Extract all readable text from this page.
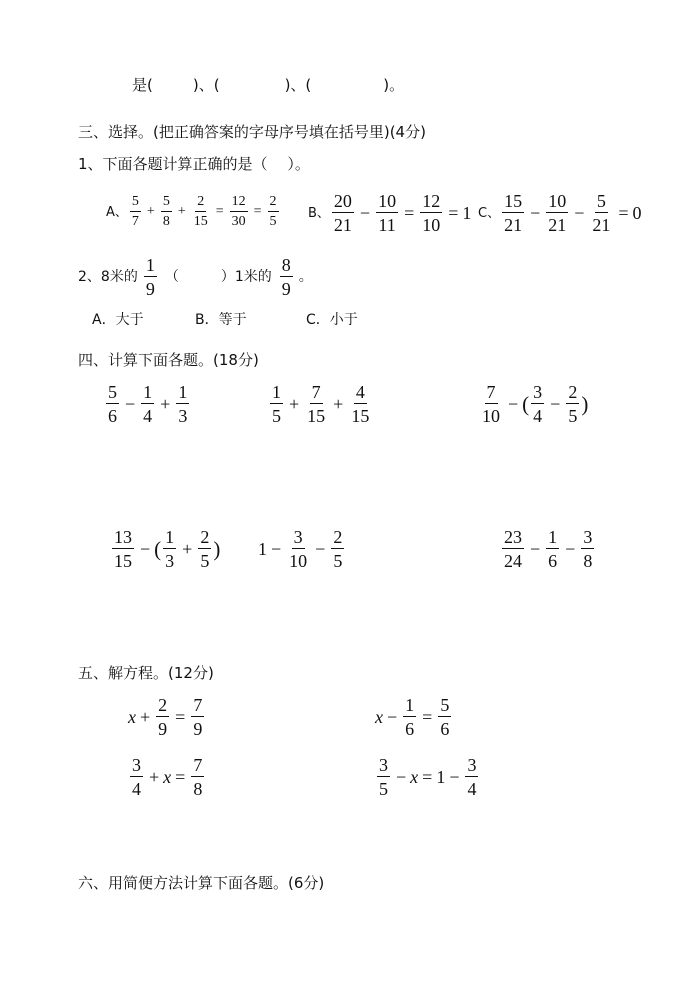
是(	)、(	)、(	)。
三、选择。(把正确答案的字母序号填在括号里)(4分)
1、下面各题计算正确的是（　 ）。
A、 $\frac{5}{7} + \frac{5}{8} + \frac{2}{15} = \frac{12}{30} = \frac{2}{5}$ B、 $\frac{20}{21} - \frac{10}{11} = \frac{12}{10} = 1$ C、 $\frac{15}{21} - \frac{10}{21} - \frac{5}{21} = 0$
2、8米的 $\frac{1}{9}$ （　　　）1米的 $\frac{8}{9}$ 。
A．大于	B．等于	C．小于
四、计算下面各题。(18分)
$\frac{5}{6} - \frac{1}{4} + \frac{1}{3}$	$\frac{1}{5} + \frac{7}{15} + \frac{4}{15}$	$\frac{7}{10}$ − ( $\frac{3}{4} - \frac{2}{5}$ )
$\frac{13}{15}$ − ( $\frac{1}{3} + \frac{2}{5}$ ) $1 - \frac{3}{10} - \frac{2}{5}$	$\frac{23}{24} - \frac{1}{6} - \frac{3}{8}$
五、解方程。(12分)
$x + \frac{2}{9} = \frac{7}{9}$	$x - \frac{1}{6} = \frac{5}{6}$
$\frac{3}{4} + x = \frac{7}{8}$	$\frac{3}{5} - x = 1 - \frac{3}{4}$
六、用简便方法计算下面各题。(6分)
